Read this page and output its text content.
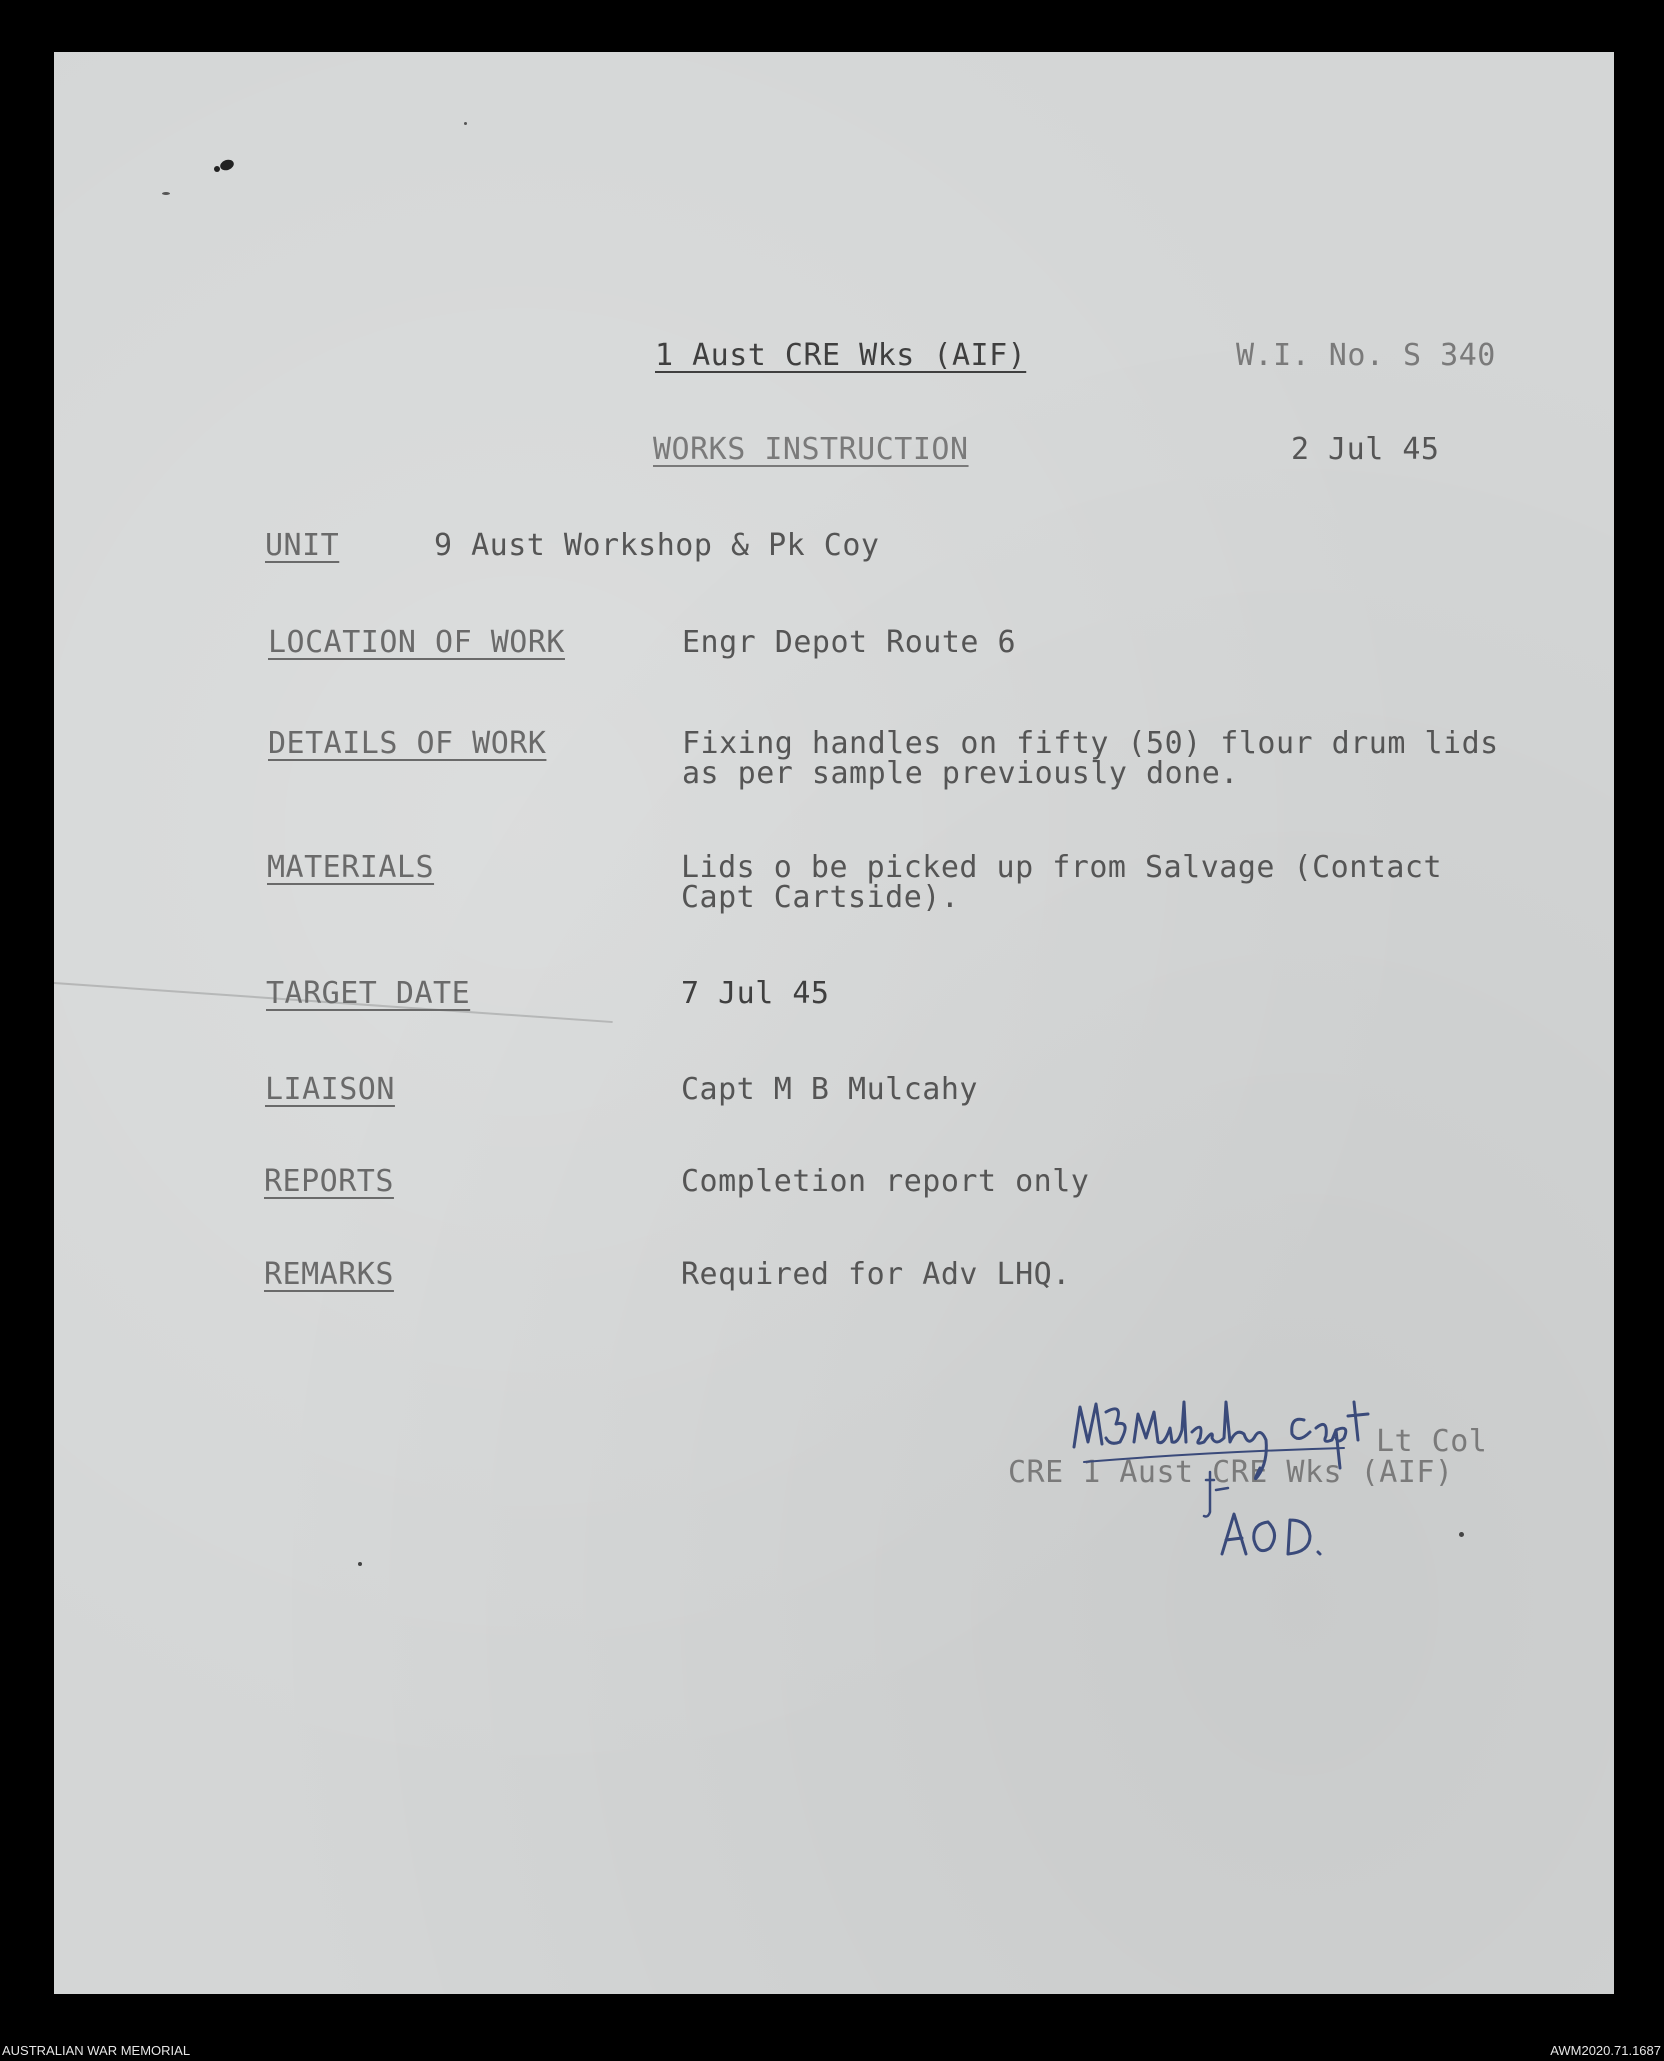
1 Aust CRE Wks (AIF)	W.I. No. S 340
WORKS INSTRUCTION	2 Jul 45
UNIT	9 Aust Workshop & Pk Coy
LOCATION OF WORK	Engr Depot Route 6
DETAILS OF WORK	Fixing handles on fifty (50) flour drum lids
as per sample previously done.
MATERIALS	Lids o be picked up from Salvage (Contact
Capt Cartside).
TARGET DATE	7 Jul 45
LIAISON	Capt M B Mulcahy
REPORTS	Completion report only
REMARKS	Required for Adv LHQ.
Lt Col
CRE 1 Aust CRE Wks (AIF)
AUSTRALIAN WAR MEMORIAL	AWM2020.71.1687
